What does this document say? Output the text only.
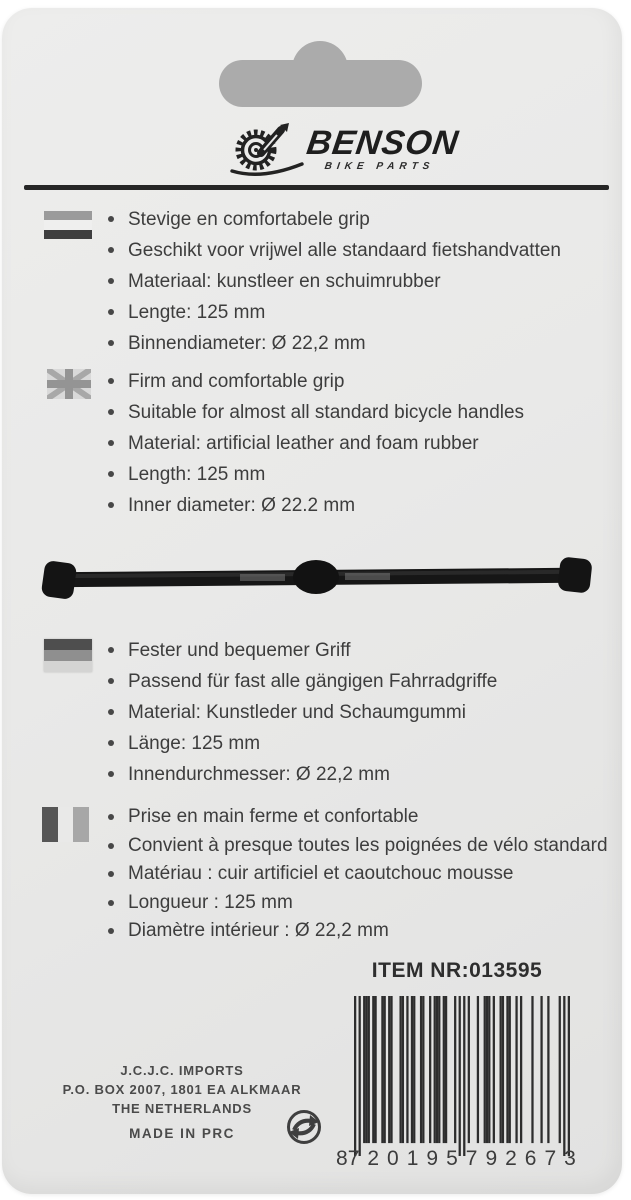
BENSON
BIKE PARTS
Stevige en comfortabele grip
Geschikt voor vrijwel alle standaard fietshandvatten
Materiaal: kunstleer en schuimrubber
Lengte: 125 mm
Binnendiameter: Ø 22,2 mm
Firm and comfortable grip
Suitable for almost all standard bicycle handles
Material: artificial leather and foam rubber
Length: 125 mm
Inner diameter: Ø 22.2 mm
Fester und bequemer Griff
Passend für fast alle gängigen Fahrradgriffe
Material: Kunstleder und Schaumgummi
Länge: 125 mm
Innendurchmesser: Ø 22,2 mm
Prise en main ferme et confortable
Convient à presque toutes les poignées de vélo standard
Matériau : cuir artificiel et caoutchouc mousse
Longueur : 125 mm
Diamètre intérieur : Ø 22,2 mm
ITEM NR:013595
8 720195 792673
J.C.J.C. IMPORTS
P.O. BOX 2007, 1801 EA ALKMAAR
THE NETHERLANDS
MADE IN PRC
